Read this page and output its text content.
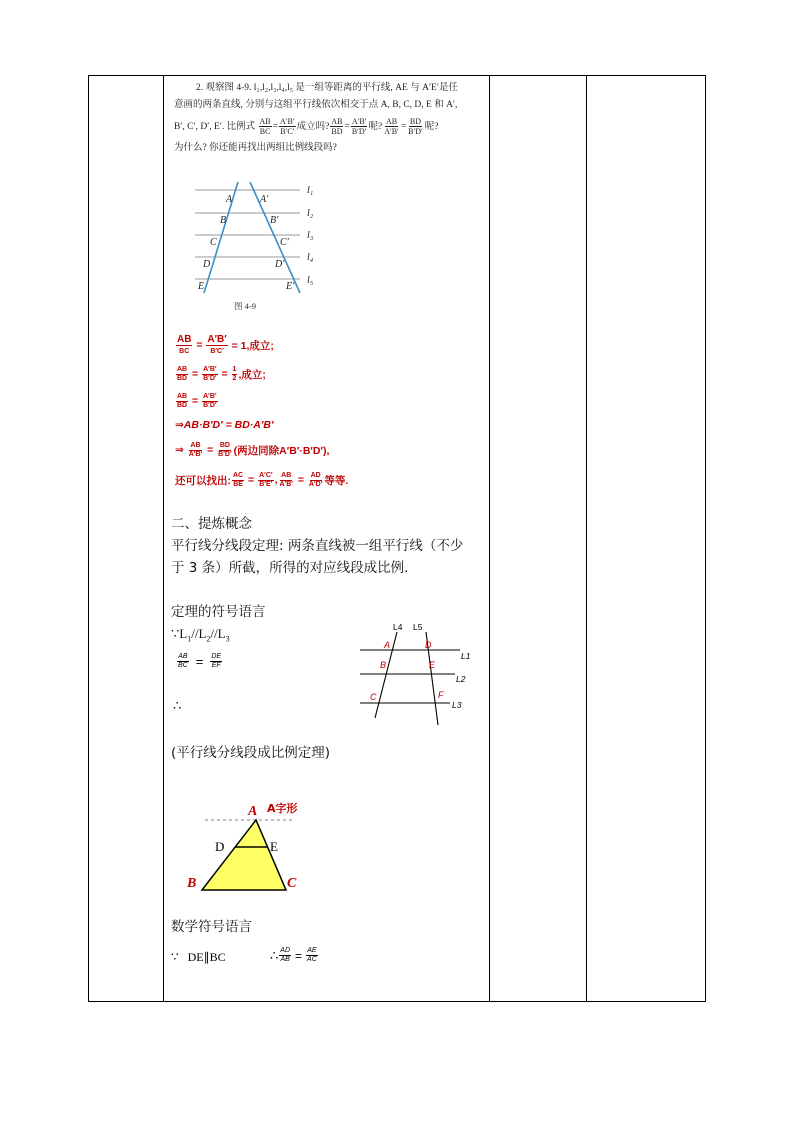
2. 观察图 4-9. l₁,l₂,l₃,l₄,l₅ 是一组等距离的平行线, AE 与 A′E′是任
意画的两条直线, 分别与这组平行线依次相交于点 A, B, C, D, E 和 A′,
B′, C′, D′, E′. 比例式 $\frac{AB}{BC} = \frac{A'B'}{B'C'}$ 成立吗? $\frac{AB}{BD} = \frac{A'B'}{B'D'}$ 呢? $\frac{AB}{A'B'} = \frac{BD}{B'D'}$ 呢?
为什么? 你还能再找出两组比例线段吗?
A
B
C
D
E
A′
B′
C′
D′
E′
l₁
l₂
l₃
l₄
l₅
图 4-9
$\frac{AB}{BC} = \frac{A'B'}{B'C'}$
= 1,成立;
$\frac{AB}{BD} = \frac{A'B'}{B'D'}$
=
$\frac{1}{2}$ ,成立;
$\frac{AB}{BD} = \frac{A'B'}{B'D'}$
⇒AB·B′D′ = BD·A′B′
⇒
$\frac{AB}{A'B'} = \frac{BD}{B'D'}$ (两边同除A′B′·B′D′),
还可以找出: $\frac{AC}{BE} = \frac{A'C'}{B'E'}$ , $\frac{AB}{A'B'} = \frac{AD}{A'D'}$ 等等.
二、提炼概念
平行线分线段定理: 两条直线被一组平行线（不少
于 3 条）所截，所得的对应线段成比例.
定理的符号语言
$\because L_1//L_2//L_3$
$\frac{AB}{BC} = \frac{DE}{EF}$
∴
(平行线分线段成比例定理)
L4 L5
L1
L2
L3
A	D
B	E
C	F
A
B	C
D	E
A字形
数学符号语言
∵   DE∥BC	∴ $\frac{AD}{AB} = \frac{AE}{AC}$
